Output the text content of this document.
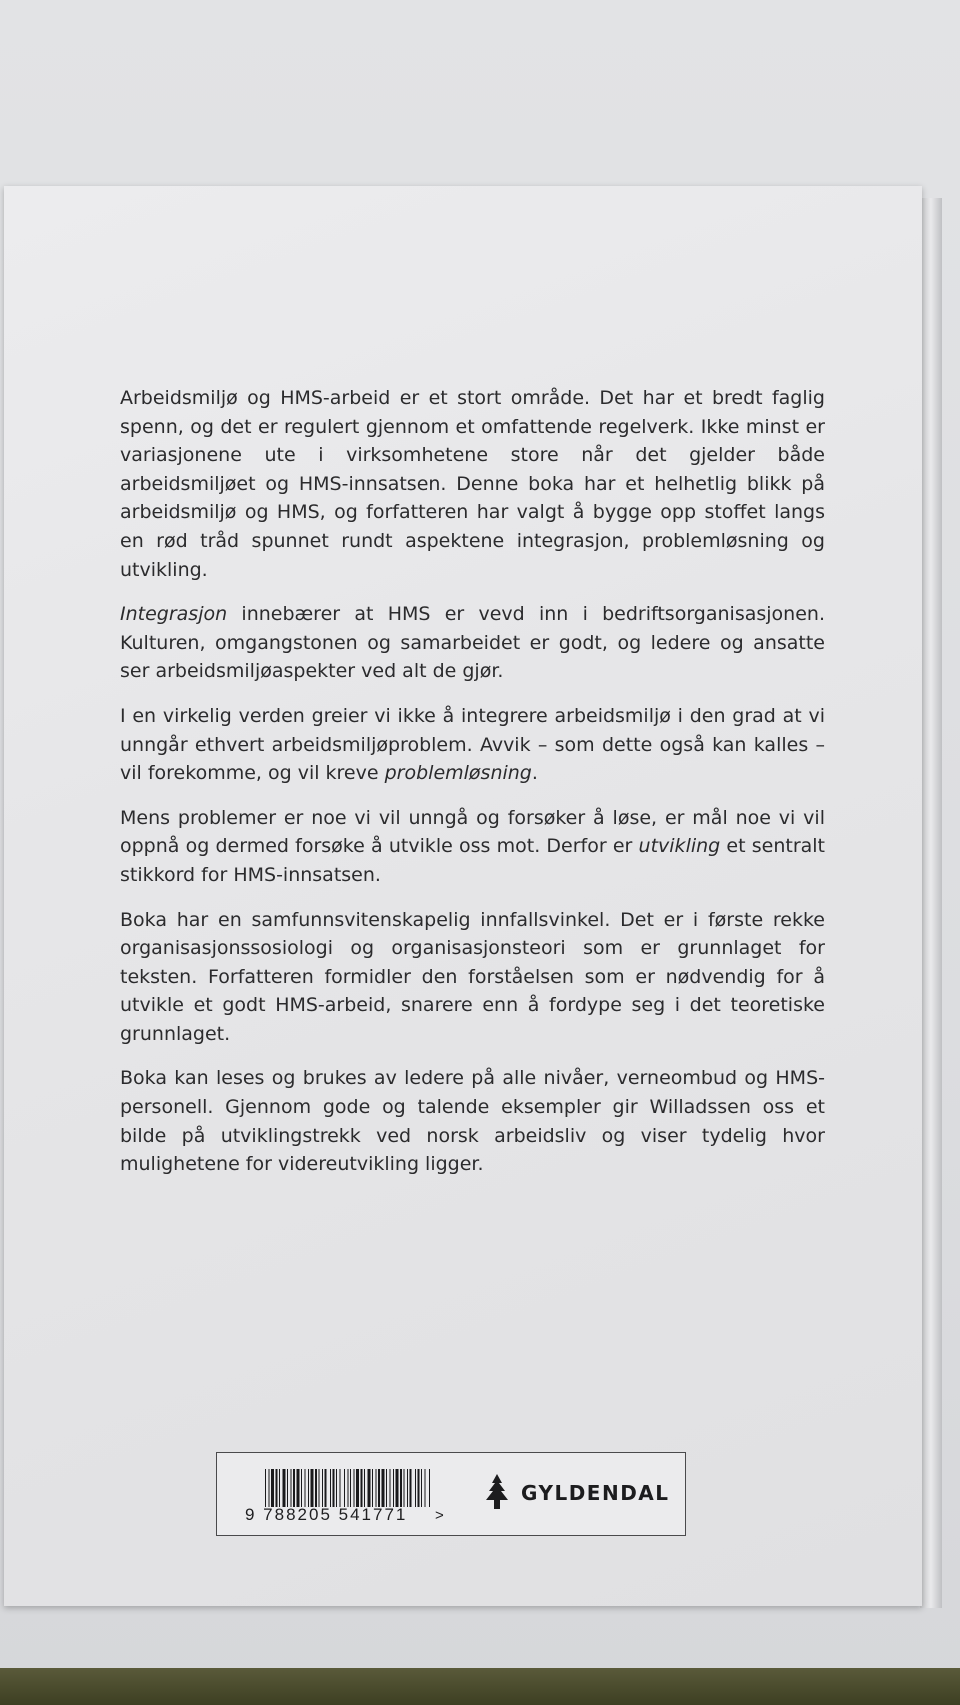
Arbeidsmiljø og HMS-arbeid er et stort område. Det har et bredt faglig spenn, og det er regulert gjennom et omfattende regelverk. Ikke minst er variasjonene ute i virksomhetene store når det gjelder både arbeidsmiljøet og HMS-innsatsen. Denne boka har et helhetlig blikk på arbeidsmiljø og HMS, og forfatteren har valgt å bygge opp stoffet langs en rød tråd spunnet rundt aspektene integrasjon, problemløsning og utvikling.

Integrasjon innebærer at HMS er vevd inn i bedriftsorganisasjonen. Kulturen, omgangstonen og samarbeidet er godt, og ledere og ansatte ser arbeidsmiljøaspekter ved alt de gjør.

I en virkelig verden greier vi ikke å integrere arbeidsmiljø i den grad at vi unngår ethvert arbeidsmiljøproblem. Avvik – som dette også kan kalles – vil forekomme, og vil kreve problemløsning.

Mens problemer er noe vi vil unngå og forsøker å løse, er mål noe vi vil oppnå og dermed forsøke å utvikle oss mot. Derfor er utvikling et sentralt stikkord for HMS-innsatsen.

Boka har en samfunnsvitenskapelig innfallsvinkel. Det er i første rekke organisasjonssosiologi og organisasjonsteori som er grunnlaget for teksten. Forfatteren formidler den forståelsen som er nødvendig for å utvikle et godt HMS-arbeid, snarere enn å fordype seg i det teoretiske grunnlaget.

Boka kan leses og brukes av ledere på alle nivåer, verneombud og HMS-personell. Gjennom gode og talende eksempler gir Willadssen oss et bilde på utviklingstrekk ved norsk arbeidsliv og viser tydelig hvor mulighetene for videreutvikling ligger.

9 788205 541771 >
GYLDENDAL
